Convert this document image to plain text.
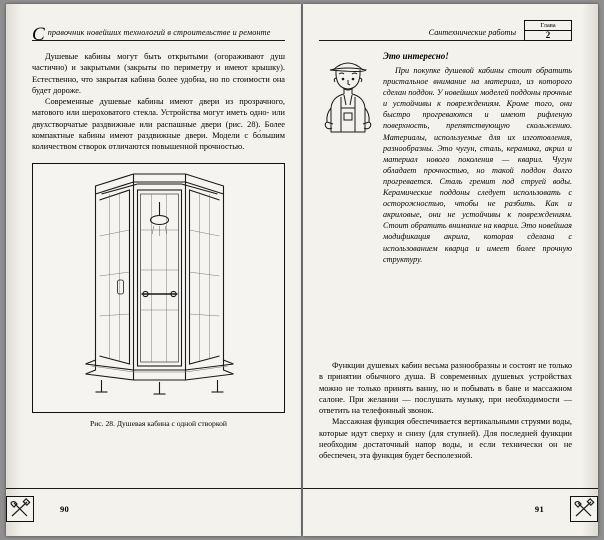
C правочник новейших технологий в строительстве и ремонте

Душевые кабины могут быть открытыми (огораживают душ частично) и закрытыми (закрыты по периметру и имеют крышку). Естественно, что закрытая кабина более удобна, но по стоимости она будет дороже.

Современные душевые кабины имеют двери из прозрачного, матового или шероховатого стекла. Устройства могут иметь одно- или двухстворчатые раздвижные или распашные двери (рис. 28). Более компактные кабины имеют раздвижные двери. Модели с бо́льшим количеством створок отличаются повышенной прочностью.

Рис. 28. Душевая кабина с одной створкой
90
Сантехнические работы
Глава
2
Это интересно!

При покупке душевой кабины стоит обратить пристальное внимание на материал, из которого сделан поддон. У новейших моделей поддоны прочные и устойчивы к повреждениям. Кроме того, они быстро прогреваются и имеют рифленую поверхность, препятствующую скольжению. Материалы, используемые для их изготовления, разнообразны. Это чугун, сталь, керамика, акрил и материал нового поколения — кварил. Чугун обладает прочностью, но такой поддон долго прогревается. Сталь гремит под струей воды. Керамические поддоны следует использовать с осторожностью, чтобы не разбить. Как и акриловые, они не устойчивы к повреждениям. Стоит обратить внимание на кварил. Это новейшая модификация акрила, которая сделана с использованием кварца и имеет более прочную структуру.

Функции душевых кабин весьма разнообразны и состоят не только в принятии обычного душа. В современных душевых устройствах можно не только принять ванну, но и побывать в бане и массажном салоне. При желании — послушать музыку, при необходимости — ответить на телефонный звонок.

Массажная функция обеспечивается вертикальными струями воды, которые идут сверху и снизу (для ступней). Для последней функции необходим достаточный напор воды, и если технически он не обеспечен, эта функция будет бесполезной.

91
